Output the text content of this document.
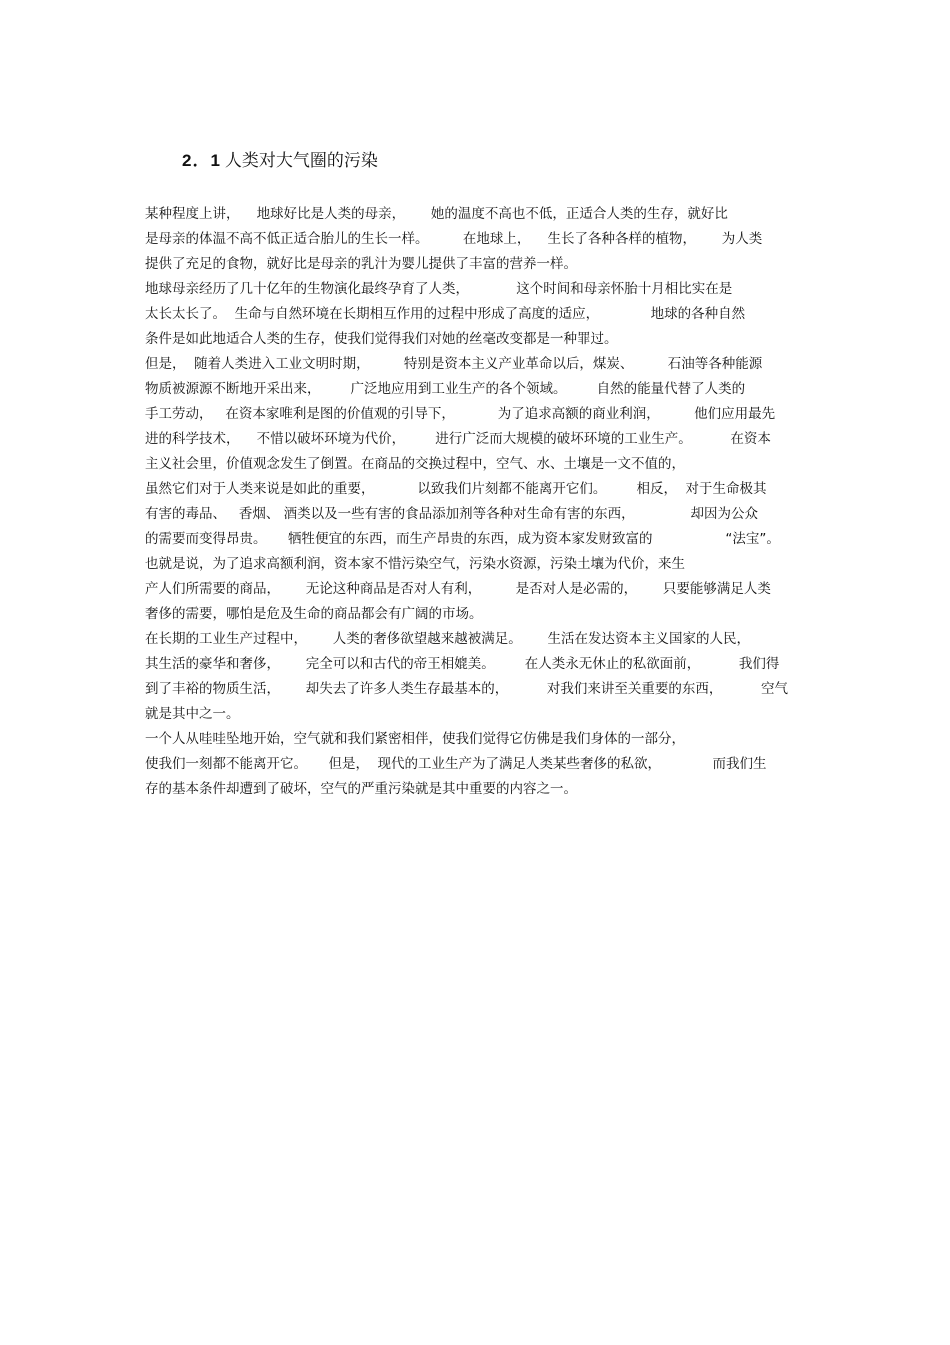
2．1 人类对大气圈的污染
某种程度上讲，    地球好比是人类的母亲，      她的温度不高也不低，正适合人类的生存，就好比
是母亲的体温不高不低正适合胎儿的生长一样。        在地球上，    生长了各种各样的植物，      为人类
提供了充足的食物，就好比是母亲的乳汁为婴儿提供了丰富的营养一样。
地球母亲经历了几十亿年的生物演化最终孕育了人类，           这个时间和母亲怀胎十月相比实在是
太长太长了。  生命与自然环境在长期相互作用的过程中形成了高度的适应，            地球的各种自然
条件是如此地适合人类的生存，使我们觉得我们对她的丝毫改变都是一种罪过。
但是，  随着人类进入工业文明时期，        特别是资本主义产业革命以后，煤炭、        石油等各种能源
物质被源源不断地开采出来，       广泛地应用到工业生产的各个领域。       自然的能量代替了人类的
手工劳动，   在资本家唯利是图的价值观的引导下，          为了追求高额的商业利润，        他们应用最先
进的科学技术，    不惜以破坏环境为代价，       进行广泛而大规模的破坏环境的工业生产。         在资本
主义社会里，价值观念发生了倒置。在商品的交换过程中，空气、水、土壤是一文不值的，
虽然它们对于人类来说是如此的重要，          以致我们片刻都不能离开它们。       相反，  对于生命极其
有害的毒品、   香烟、 酒类以及一些有害的食品添加剂等各种对生命有害的东西，             却因为公众
的需要而变得昂贵。     牺牲便宜的东西，而生产昂贵的东西，成为资本家发财致富的                 “法宝”。
也就是说，为了追求高额利润，资本家不惜污染空气，污染水资源，污染土壤为代价，来生
产人们所需要的商品，      无论这种商品是否对人有利，        是否对人是必需的，      只要能够满足人类
奢侈的需要，哪怕是危及生命的商品都会有广阔的市场。
在长期的工业生产过程中，      人类的奢侈欲望越来越被满足。      生活在发达资本主义国家的人民，
其生活的豪华和奢侈，      完全可以和古代的帝王相媲美。       在人类永无休止的私欲面前，         我们得
到了丰裕的物质生活，      却失去了许多人类生存最基本的，         对我们来讲至关重要的东西，         空气
就是其中之一。
一个人从哇哇坠地开始，空气就和我们紧密相伴，使我们觉得它仿佛是我们身体的一部分，
使我们一刻都不能离开它。     但是，  现代的工业生产为了满足人类某些奢侈的私欲，            而我们生
存的基本条件却遭到了破坏，空气的严重污染就是其中重要的内容之一。
